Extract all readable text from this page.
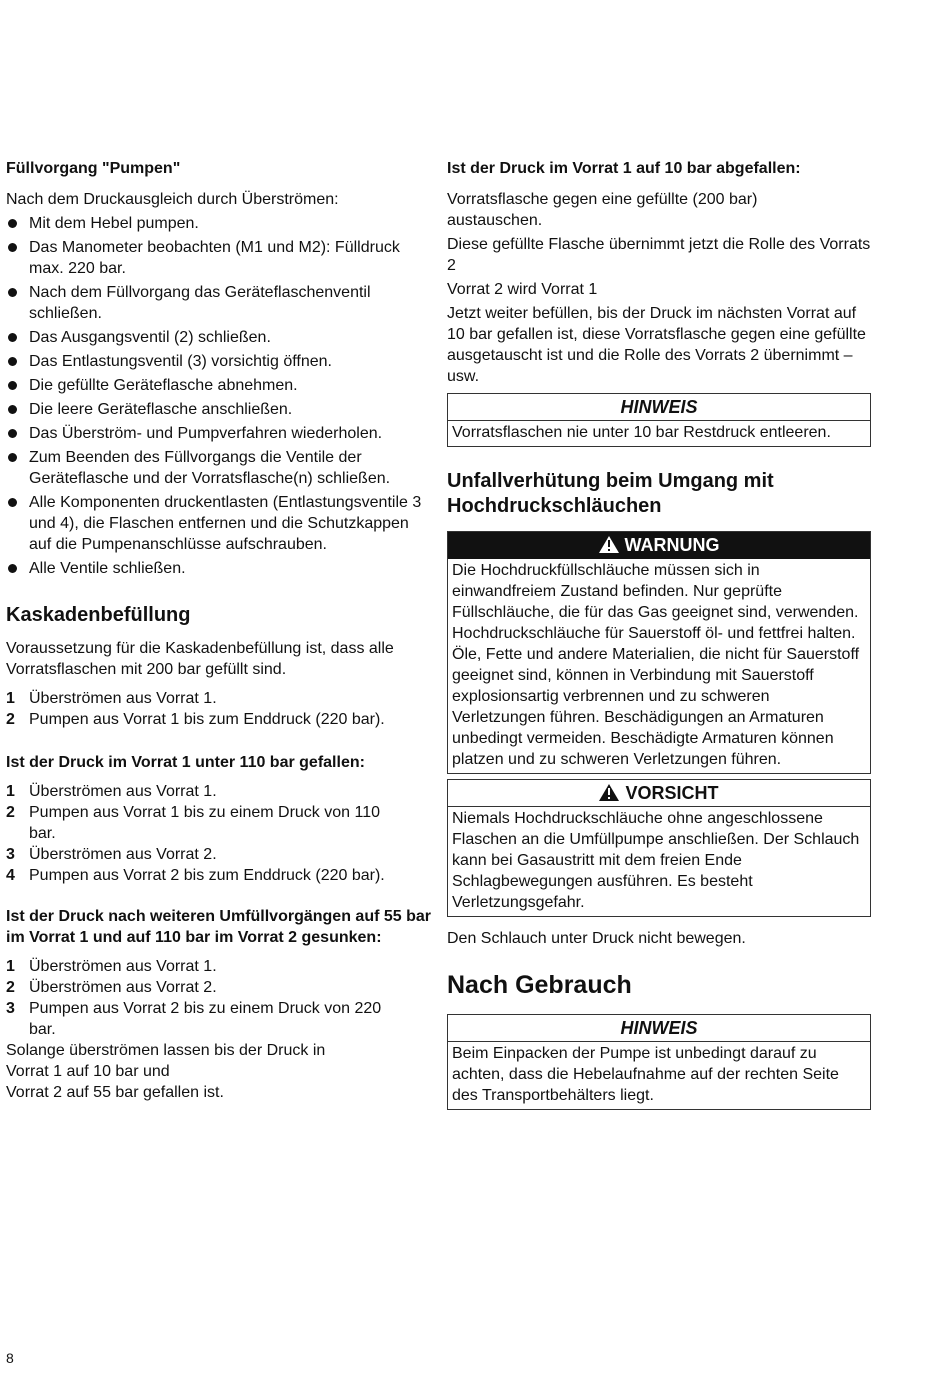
Füllvorgang "Pumpen"

Nach dem Druckausgleich durch Überströmen:

Mit dem Hebel pumpen.
Das Manometer beobachten (M1 und M2): Fülldruck max. 220 bar.
Nach dem Füllvorgang das Geräteflaschenventil schließen.
Das Ausgangsventil (2) schließen.
Das Entlastungsventil (3) vorsichtig öffnen.
Die gefüllte Geräteflasche abnehmen.
Die leere Geräteflasche anschließen.
Das Überström- und Pumpverfahren wiederholen.
Zum Beenden des Füllvorgangs die Ventile der Geräteflasche und der Vorratsflasche(n) schließen.
Alle Komponenten druckentlasten (Entlastungsventile 3 und 4), die Flaschen entfernen und die Schutzkappen auf die Pumpenanschlüsse aufschrauben.
Alle Ventile schließen.

Kaskadenbefüllung

Voraussetzung für die Kaskadenbefüllung ist, dass alle Vorratsflaschen mit 200 bar gefüllt sind.

1 Überströmen aus Vorrat 1.
2 Pumpen aus Vorrat 1 bis zum Enddruck (220 bar).

Ist der Druck im Vorrat 1 unter 110 bar gefallen:

1 Überströmen aus Vorrat 1.
2 Pumpen aus Vorrat 1 bis zu einem Druck von 110 bar.
3 Überströmen aus Vorrat 2.
4 Pumpen aus Vorrat 2 bis zum Enddruck (220 bar).

Ist der Druck nach weiteren Umfüllvorgängen auf 55 bar im Vorrat 1 und auf 110 bar im Vorrat 2 gesunken:

1 Überströmen aus Vorrat 1.
2 Überströmen aus Vorrat 2.
3 Pumpen aus Vorrat 2 bis zu einem Druck von 220 bar.

Solange überströmen lassen bis der Druck in

Vorrat 1 auf 10 bar und

Vorrat 2 auf 55 bar gefallen ist.

Ist der Druck im Vorrat 1 auf 10 bar abgefallen:

Vorratsflasche gegen eine gefüllte (200 bar) austauschen.

Diese gefüllte Flasche übernimmt jetzt die Rolle des Vorrats 2

Vorrat 2 wird Vorrat 1

Jetzt weiter befüllen, bis der Druck im nächsten Vorrat auf 10 bar gefallen ist, diese Vorratsflasche gegen eine gefüllte ausgetauscht ist und die Rolle des Vorrats 2 übernimmt – usw.

HINWEIS
Vorratsflaschen nie unter 10 bar Restdruck entleeren.

Unfallverhütung beim Umgang mit Hochdruckschläuchen

WARNUNG
Die Hochdruckfüllschläuche müssen sich in einwandfreiem Zustand befinden. Nur geprüfte Füllschläuche, die für das Gas geeignet sind, verwenden. Hochdruckschläuche für Sauerstoff öl- und fettfrei halten. Öle, Fette und andere Materialien, die nicht für Sauerstoff geeignet sind, können in Verbindung mit Sauerstoff explosionsartig verbrennen und zu schweren Verletzungen führen. Beschädigungen an Armaturen unbedingt vermeiden. Beschädigte Armaturen können platzen und zu schweren Verletzungen führen.
VORSICHT
Niemals Hochdruckschläuche ohne angeschlossene Flaschen an die Umfüllpumpe anschließen. Der Schlauch kann bei Gasaustritt mit dem freien Ende Schlagbewegungen ausführen. Es besteht Verletzungsgefahr.

Den Schlauch unter Druck nicht bewegen.

Nach Gebrauch

HINWEIS
Beim Einpacken der Pumpe ist unbedingt darauf zu achten, dass die Hebelaufnahme auf der rechten Seite des Transportbehälters liegt.
8
